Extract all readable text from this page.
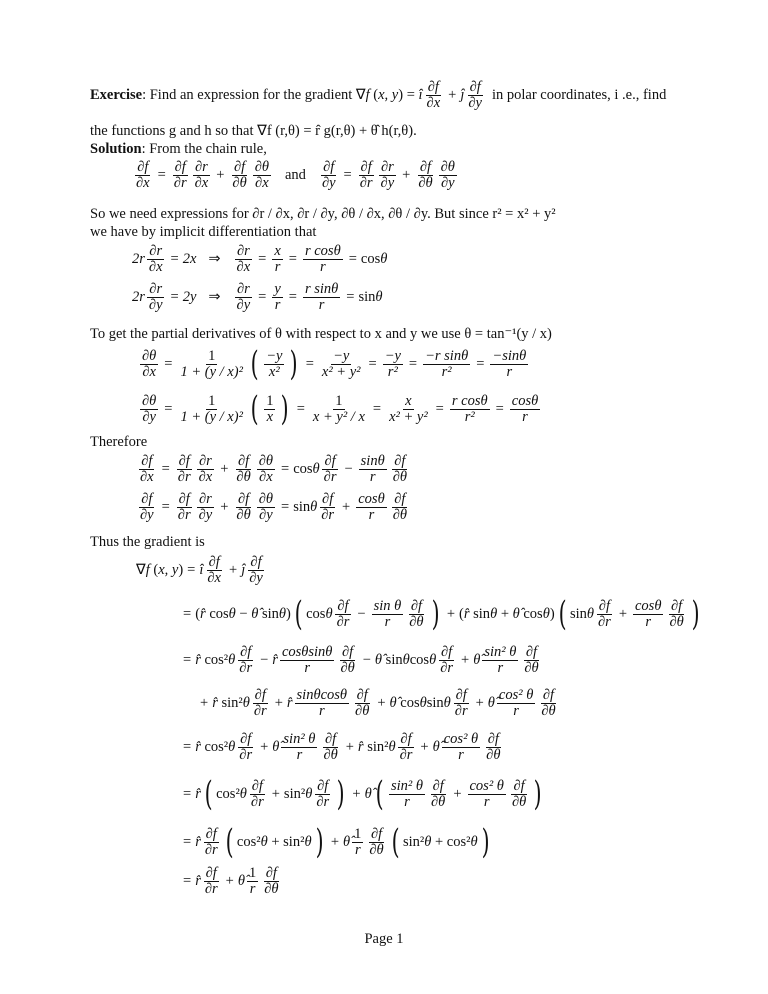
Exercise : Find an expression for the gradient ∇f (x, y) = î $\frac{\partial f}{\partial x}$ + ĵ $\frac{\partial f}{\partial y}$ in polar coordinates, i .e., find
the functions g and h so that ∇f (r,θ) = r̂ g(r,θ) + θ̂ h(r,θ).
Solution: From the chain rule,
$\frac{\partial f}{\partial x} = \frac{\partial f}{\partial r} \frac{\partial r}{\partial x} + \frac{\partial f}{\partial\theta} \frac{\partial\theta}{\partial x}$ and $\frac{\partial f}{\partial y} = \frac{\partial f}{\partial r} \frac{\partial r}{\partial y} + \frac{\partial f}{\partial\theta} \frac{\partial\theta}{\partial y}$
So we need expressions for ∂r / ∂x, ∂r / ∂y, ∂θ / ∂x, ∂θ / ∂y. But since r² = x² + y²
we have by implicit differentiation that
$2r \frac{\partial r}{\partial x} = 2x$ ⇒ $\frac{\partial r}{\partial x} = \frac{x}{r} = \frac{\text{r cosθ}}{r} = \cos\theta$
$2r \frac{\partial r}{\partial y} = 2y$ ⇒ $\frac{\partial r}{\partial y} = \frac{y}{r} = \frac{\text{r sinθ}}{r} = \sin\theta$
To get the partial derivatives of θ with respect to x and y we use θ = tan⁻¹(y / x)
$\frac{\partial\theta}{\partial x} = \frac{1}{\text{1 + (y / x)²}}$ ( $\frac{-y}{\text{x²}}$ ) = $\frac{-y}{\text{x² + y²}} = \frac{-y}{\text{r²}} = \frac{\text{−r sinθ}}{\text{r²}} = \frac{-\sin\theta}{r}$
$\frac{\partial\theta}{\partial y} = \frac{1}{\text{1 + (y / x)²}}$ ( $\frac{1}{x}$ ) = $\frac{1}{\text{x + y² / x}} = \frac{x}{\text{x² + y²}} = \frac{\text{r cosθ}}{\text{r²}} = \frac{\cos\theta}{r}$
Therefore
$\frac{\partial f}{\partial x} = \frac{\partial f}{\partial r} \frac{\partial r}{\partial x} + \frac{\partial f}{\partial\theta} \frac{\partial\theta}{\partial x} = \cos\theta \frac{\partial f}{\partial r} - \frac{\sin\theta}{r} \frac{\partial f}{\partial\theta}$
$\frac{\partial f}{\partial y} = \frac{\partial f}{\partial r} \frac{\partial r}{\partial y} + \frac{\partial f}{\partial\theta} \frac{\partial\theta}{\partial y} = \sin\theta \frac{\partial f}{\partial r} + \frac{\cos\theta}{r} \frac{\partial f}{\partial\theta}$
Thus the gradient is
∇f (x, y) = î $\frac{\partial f}{\partial x}$ + ĵ $\frac{\partial f}{\partial y}$
= (r̂ cosθ − θ̂ sinθ) ( cosθ $\frac{\partial f}{\partial r} - \frac{\text{sin θ}}{r} \frac{\partial f}{\partial\theta}$ ) + (r̂ sinθ + θ̂ cosθ) ( sinθ $\frac{\partial f}{\partial r} + \frac{\cos\theta}{r} \frac{\partial f}{\partial\theta}$ )
= r̂ $\cos^2\theta \frac{\partial f}{\partial r}$ − r̂ $\frac{\cos\theta\sin\theta}{r} \frac{\partial f}{\partial\theta}$ − θ̂ sinθcosθ $\frac{\partial f}{\partial r}$ + θ̂ $\frac{\text{sin² θ}}{r} \frac{\partial f}{\partial\theta}$
+ r̂ $\sin^2\theta \frac{\partial f}{\partial r}$ + r̂ $\frac{\sin\theta\cos\theta}{r} \frac{\partial f}{\partial\theta}$ + θ̂ cosθsinθ $\frac{\partial f}{\partial r}$ + θ̂ $\frac{\text{cos² θ}}{r} \frac{\partial f}{\partial\theta}$
= r̂ $\cos^2\theta \frac{\partial f}{\partial r}$ + θ̂ $\frac{\text{sin² θ}}{r} \frac{\partial f}{\partial\theta}$ + r̂ $\sin^2\theta \frac{\partial f}{\partial r}$ + θ̂ $\frac{\text{cos² θ}}{r} \frac{\partial f}{\partial\theta}$
= r̂ ( $\cos^2\theta \frac{\partial f}{\partial r} + \sin^2\theta \frac{\partial f}{\partial r}$ ) + θ̂ ( $\frac{\text{sin² θ}}{r} \frac{\partial f}{\partial\theta} + \frac{\text{cos² θ}}{r} \frac{\partial f}{\partial\theta}$ )
= r̂ $\frac{\partial f}{\partial r}$ ( cos²θ + sin²θ ) + θ̂ $\frac{1}{r} \frac{\partial f}{\partial\theta}$ ( sin²θ + cos²θ )
= r̂ $\frac{\partial f}{\partial r}$ + θ̂ $\frac{1}{r} \frac{\partial f}{\partial\theta}$
Page 1
